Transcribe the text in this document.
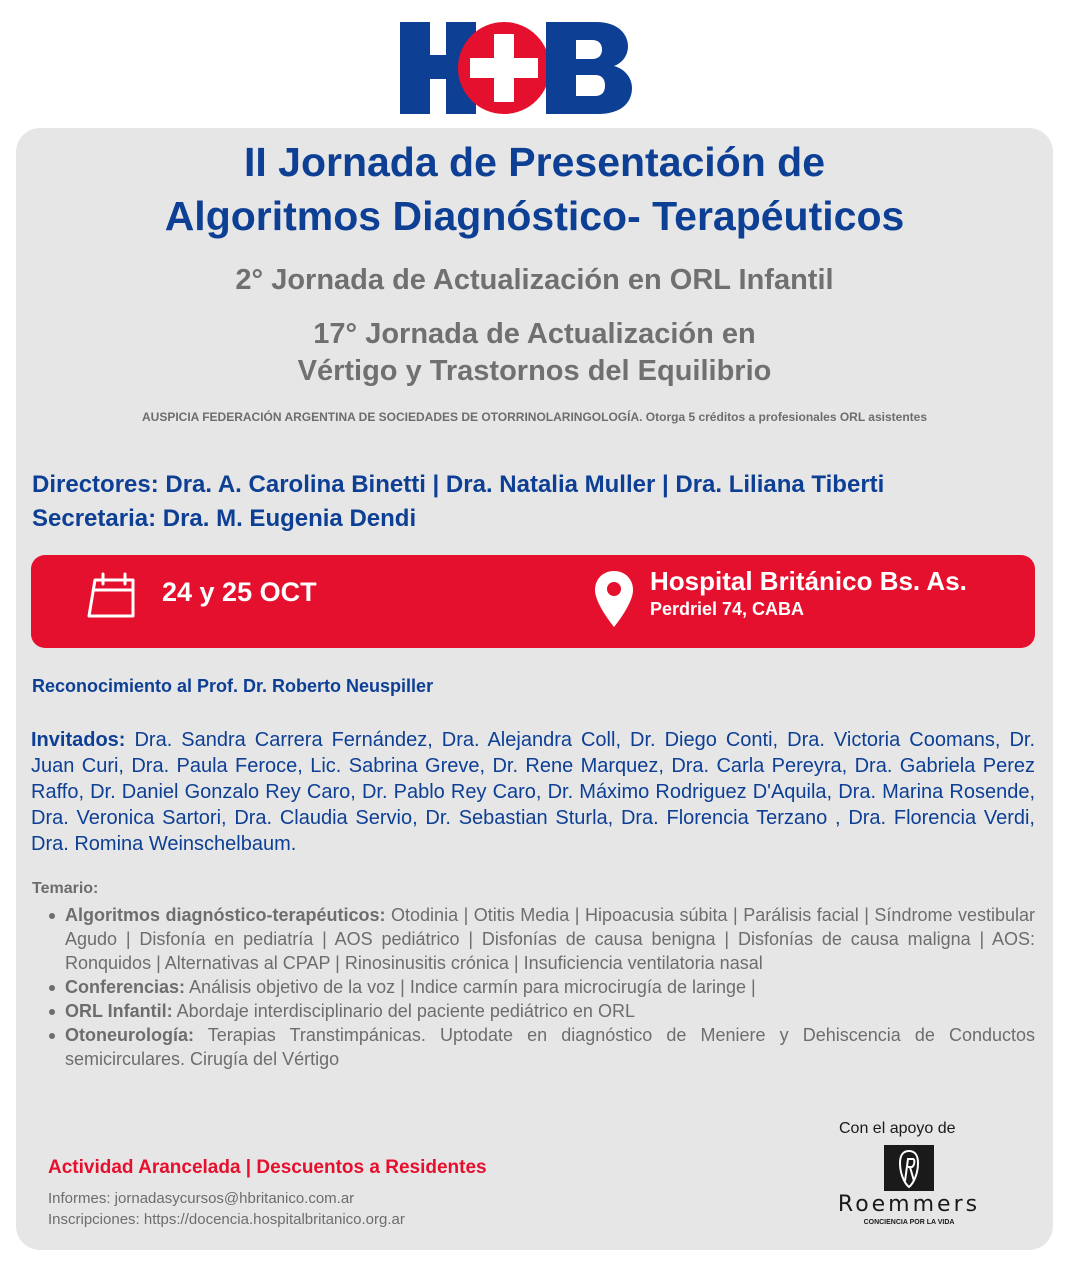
II Jornada de Presentación de
Algoritmos Diagnóstico- Terapéuticos
2° Jornada de Actualización en ORL Infantil
17° Jornada de Actualización en
Vértigo y Trastornos del Equilibrio
AUSPICIA FEDERACIÓN ARGENTINA DE SOCIEDADES DE OTORRINOLARINGOLOGÍA. Otorga 5 créditos a profesionales ORL asistentes
Directores: Dra. A. Carolina Binetti | Dra. Natalia Muller | Dra. Liliana Tiberti
Secretaria: Dra. M. Eugenia Dendi
24 y 25 OCT	Hospital Británico Bs. As.
Perdriel 74, CABA
Reconocimiento al Prof. Dr. Roberto Neuspiller
Invitados: Dra. Sandra Carrera Fernández, Dra. Alejandra Coll, Dr. Diego Conti, Dra. Victoria Coomans, Dr. Juan Curi, Dra. Paula Feroce, Lic. Sabrina Greve, Dr. Rene Marquez, Dra. Carla Pereyra, Dra. Gabriela Perez Raffo, Dr. Daniel Gonzalo Rey Caro, Dr. Pablo Rey Caro, Dr. Máximo Rodriguez D'Aquila, Dra. Marina Rosende, Dra. Veronica Sartori, Dra. Claudia Servio, Dr. Sebastian Sturla, Dra. Florencia Terzano , Dra. Florencia Verdi, Dra. Romina Weinschelbaum.
Temario:
Algoritmos diagnóstico-terapéuticos: Otodinia | Otitis Media | Hipoacusia súbita | Parálisis facial | Síndrome vestibular Agudo | Disfonía en pediatría | AOS pediátrico | Disfonías de causa benigna | Disfonías de causa maligna | AOS: Ronquidos | Alternativas al CPAP | Rinosinusitis crónica | Insuficiencia ventilatoria nasal
Conferencias: Análisis objetivo de la voz | Indice carmín para microcirugía de laringe |
ORL Infantil: Abordaje interdisciplinario del paciente pediátrico en ORL
Otoneurología: Terapias Transtimpánicas. Uptodate en diagnóstico de Meniere y Dehiscencia de Conductos semicirculares. Cirugía del Vértigo
Con el apoyo de
Roemmers
CONCIENCIA POR LA VIDA
Actividad Arancelada | Descuentos a Residentes
Informes: jornadasycursos@hbritanico.com.ar
Inscripciones: https://docencia.hospitalbritanico.org.ar
